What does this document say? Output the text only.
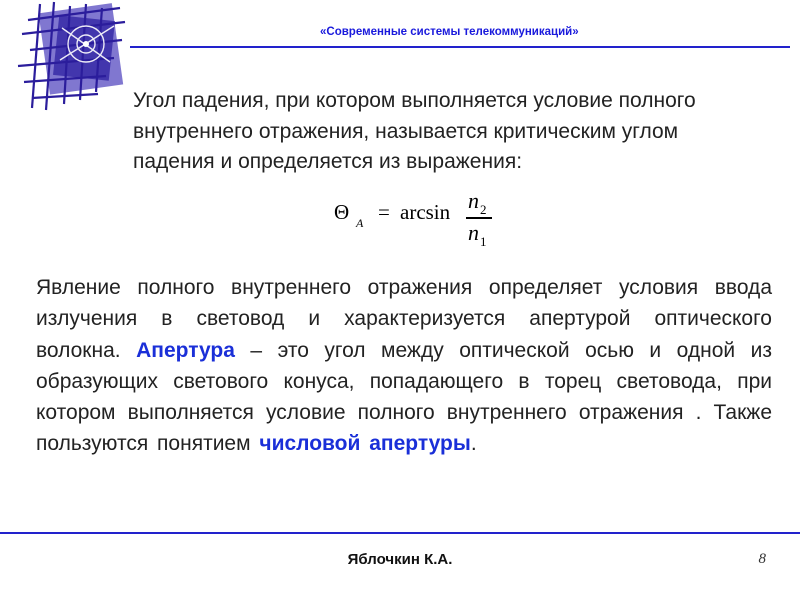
«Современные системы телекоммуникаций»

Угол падения, при котором выполняется условие полного внутреннего отражения, называется критическим углом падения и определяется из выражения:

Θ A = arcsin n 2
n 1

Явление полного внутреннего отражения определяет условия ввода излучения в световод и характеризуется апертурой оптического волокна. Апертура – это угол между оптической осью и одной из образующих светового конуса, попадающего в торец световода, при котором выполняется условие полного внутреннего отражения . Также пользуются понятием числовой апертуры.

Яблочкин К.А.	8
